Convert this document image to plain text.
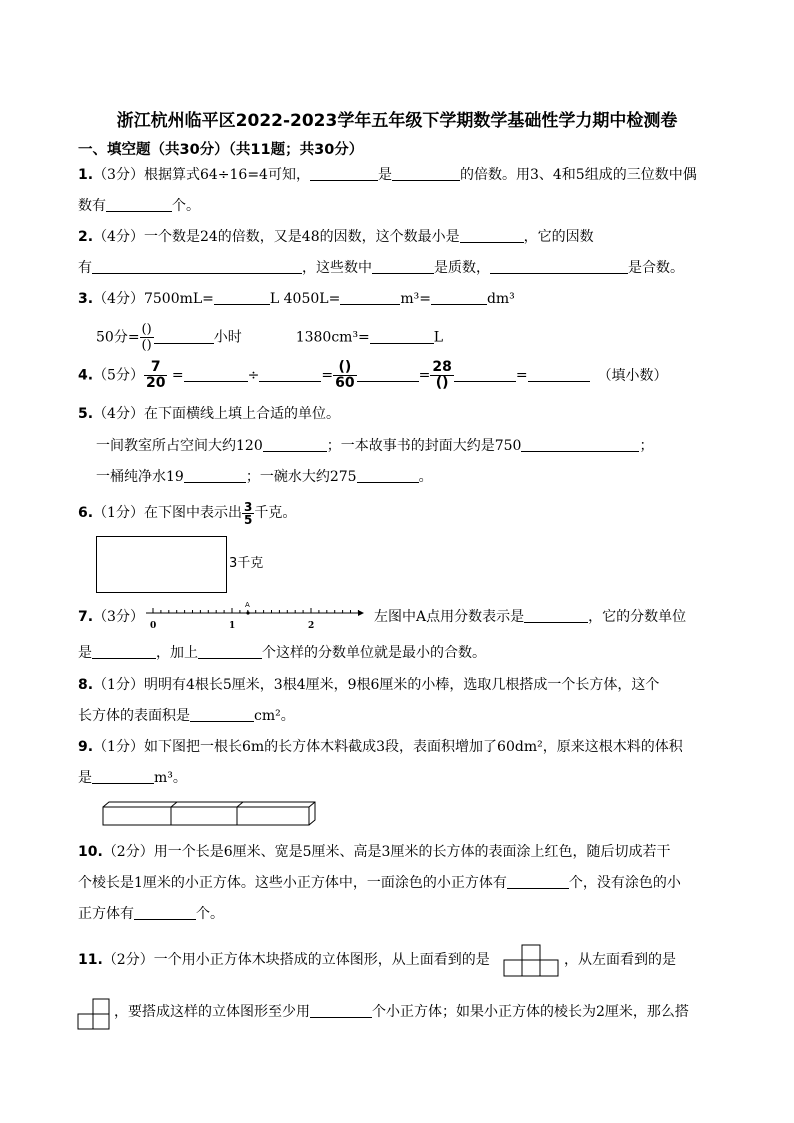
浙江杭州临平区2022-2023学年五年级下学期数学基础性学力期中检测卷
一、填空题（共30分）（共11题；共30分）
1.（3分）根据算式64÷16=4可知，	是	的倍数。用3、4和5组成的三位数中偶
数有	个。
2.（4分）一个数是24的倍数，又是48的因数，这个数最小是	，它的因数
有	，这些数中	是质数，	是合数。
3.（4分）7500mL=	L 4050L=	m³=	dm³
50分= $\frac{()}{()}$	小时	1380cm³=	L
4.（5分） $\frac{7}{20}$ =	÷	= $\frac{()}{60}$	= $\frac{28}{()}$	=	（填小数）
5.（4分）在下面横线上填上合适的单位。
一间教室所占空间大约120	；一本故事书的封面大约是750	；
一桶纯净水19	；一碗水大约275	。
6.（1分）在下图中表示出 $\frac{3}{5}$ 千克。
3千克
7.（3分）
0	1	2
A
左图中A点用分数表示是	，它的分数单位
是	，加上	个这样的分数单位就是最小的合数。
8.（1分）明明有4根长5厘米，3根4厘米，9根6厘米的小棒，选取几根搭成一个长方体，这个
长方体的表面积是	cm²。
9.（1分）如下图把一根长6m的长方体木料截成3段，表面积增加了60dm²，原来这根木料的体积
是	m³。
10.（2分）用一个长是6厘米、宽是5厘米、高是3厘米的长方体的表面涂上红色，随后切成若干
个棱长是1厘米的小正方体。这些小正方体中，一面涂色的小正方体有	个，没有涂色的小
正方体有	个。
11.（2分）一个用小正方体木块搭成的立体图形，从上面看到的是	，从左面看到的是
，要搭成这样的立体图形至少用	个小正方体；如果小正方体的棱长为2厘米，那么搭
